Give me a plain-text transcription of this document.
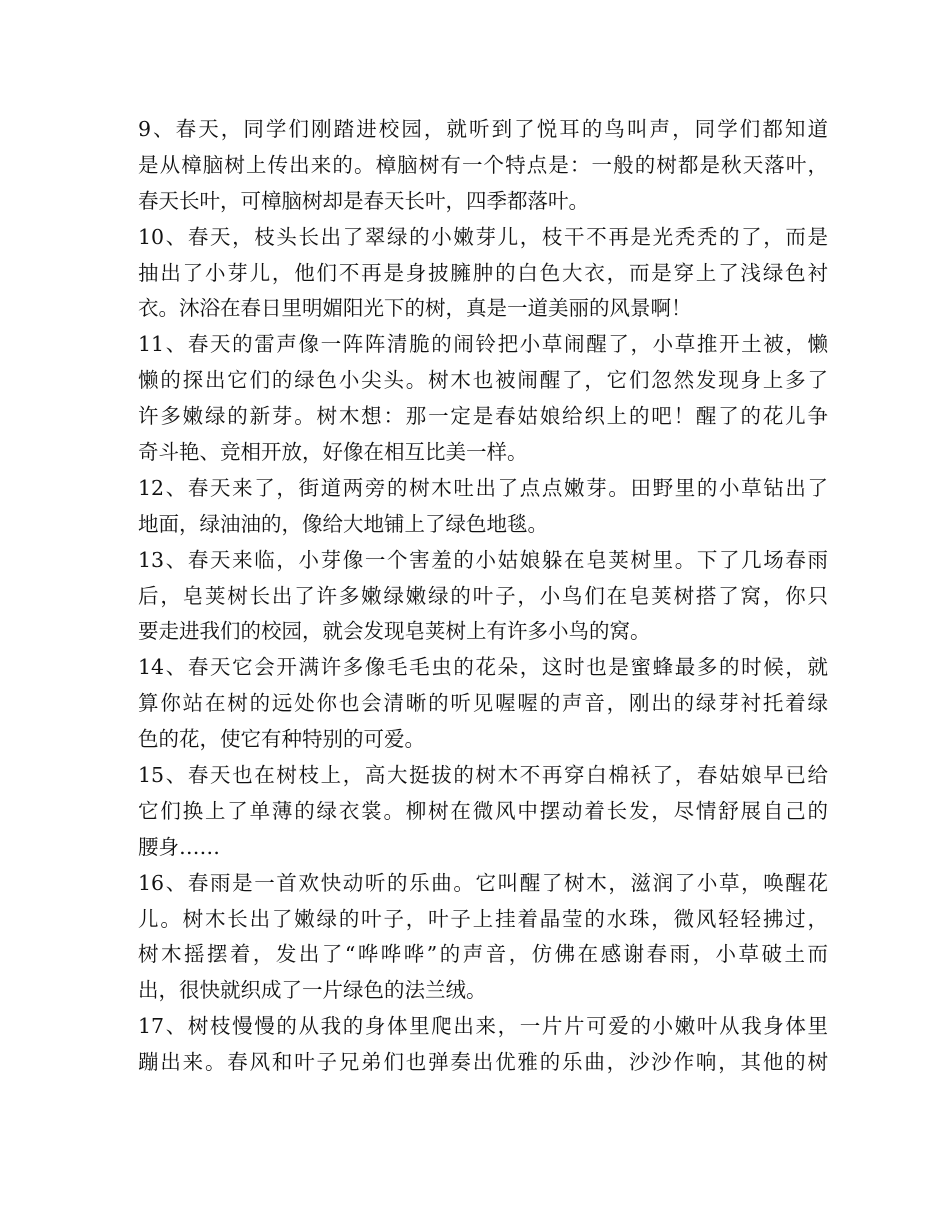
9、春天，同学们刚踏进校园，就听到了悦耳的鸟叫声，同学们都知道
是从樟脑树上传出来的。樟脑树有一个特点是：一般的树都是秋天落叶，
春天长叶，可樟脑树却是春天长叶，四季都落叶。
10、春天，枝头长出了翠绿的小嫩芽儿，枝干不再是光秃秃的了，而是
抽出了小芽儿，他们不再是身披臃肿的白色大衣，而是穿上了浅绿色衬
衣。沐浴在春日里明媚阳光下的树，真是一道美丽的风景啊！
11、春天的雷声像一阵阵清脆的闹铃把小草闹醒了，小草推开土被，懒
懒的探出它们的绿色小尖头。树木也被闹醒了，它们忽然发现身上多了
许多嫩绿的新芽。树木想：那一定是春姑娘给织上的吧！醒了的花儿争
奇斗艳、竞相开放，好像在相互比美一样。
12、春天来了，街道两旁的树木吐出了点点嫩芽。田野里的小草钻出了
地面，绿油油的，像给大地铺上了绿色地毯。
13、春天来临，小芽像一个害羞的小姑娘躲在皂荚树里。下了几场春雨
后，皂荚树长出了许多嫩绿嫩绿的叶子，小鸟们在皂荚树搭了窝，你只
要走进我们的校园，就会发现皂荚树上有许多小鸟的窝。
14、春天它会开满许多像毛毛虫的花朵，这时也是蜜蜂最多的时候，就
算你站在树的远处你也会清晰的听见喔喔的声音，刚出的绿芽衬托着绿
色的花，使它有种特别的可爱。
15、春天也在树枝上，高大挺拔的树木不再穿白棉袄了，春姑娘早已给
它们换上了单薄的绿衣裳。柳树在微风中摆动着长发，尽情舒展自己的
腰身……
16、春雨是一首欢快动听的乐曲。它叫醒了树木，滋润了小草，唤醒花
儿。树木长出了嫩绿的叶子，叶子上挂着晶莹的水珠，微风轻轻拂过，
树木摇摆着，发出了“哗哗哗”的声音，仿佛在感谢春雨，小草破土而
出，很快就织成了一片绿色的法兰绒。
17、树枝慢慢的从我的身体里爬出来，一片片可爱的小嫩叶从我身体里
蹦出来。春风和叶子兄弟们也弹奏出优雅的乐曲，沙沙作响，其他的树
